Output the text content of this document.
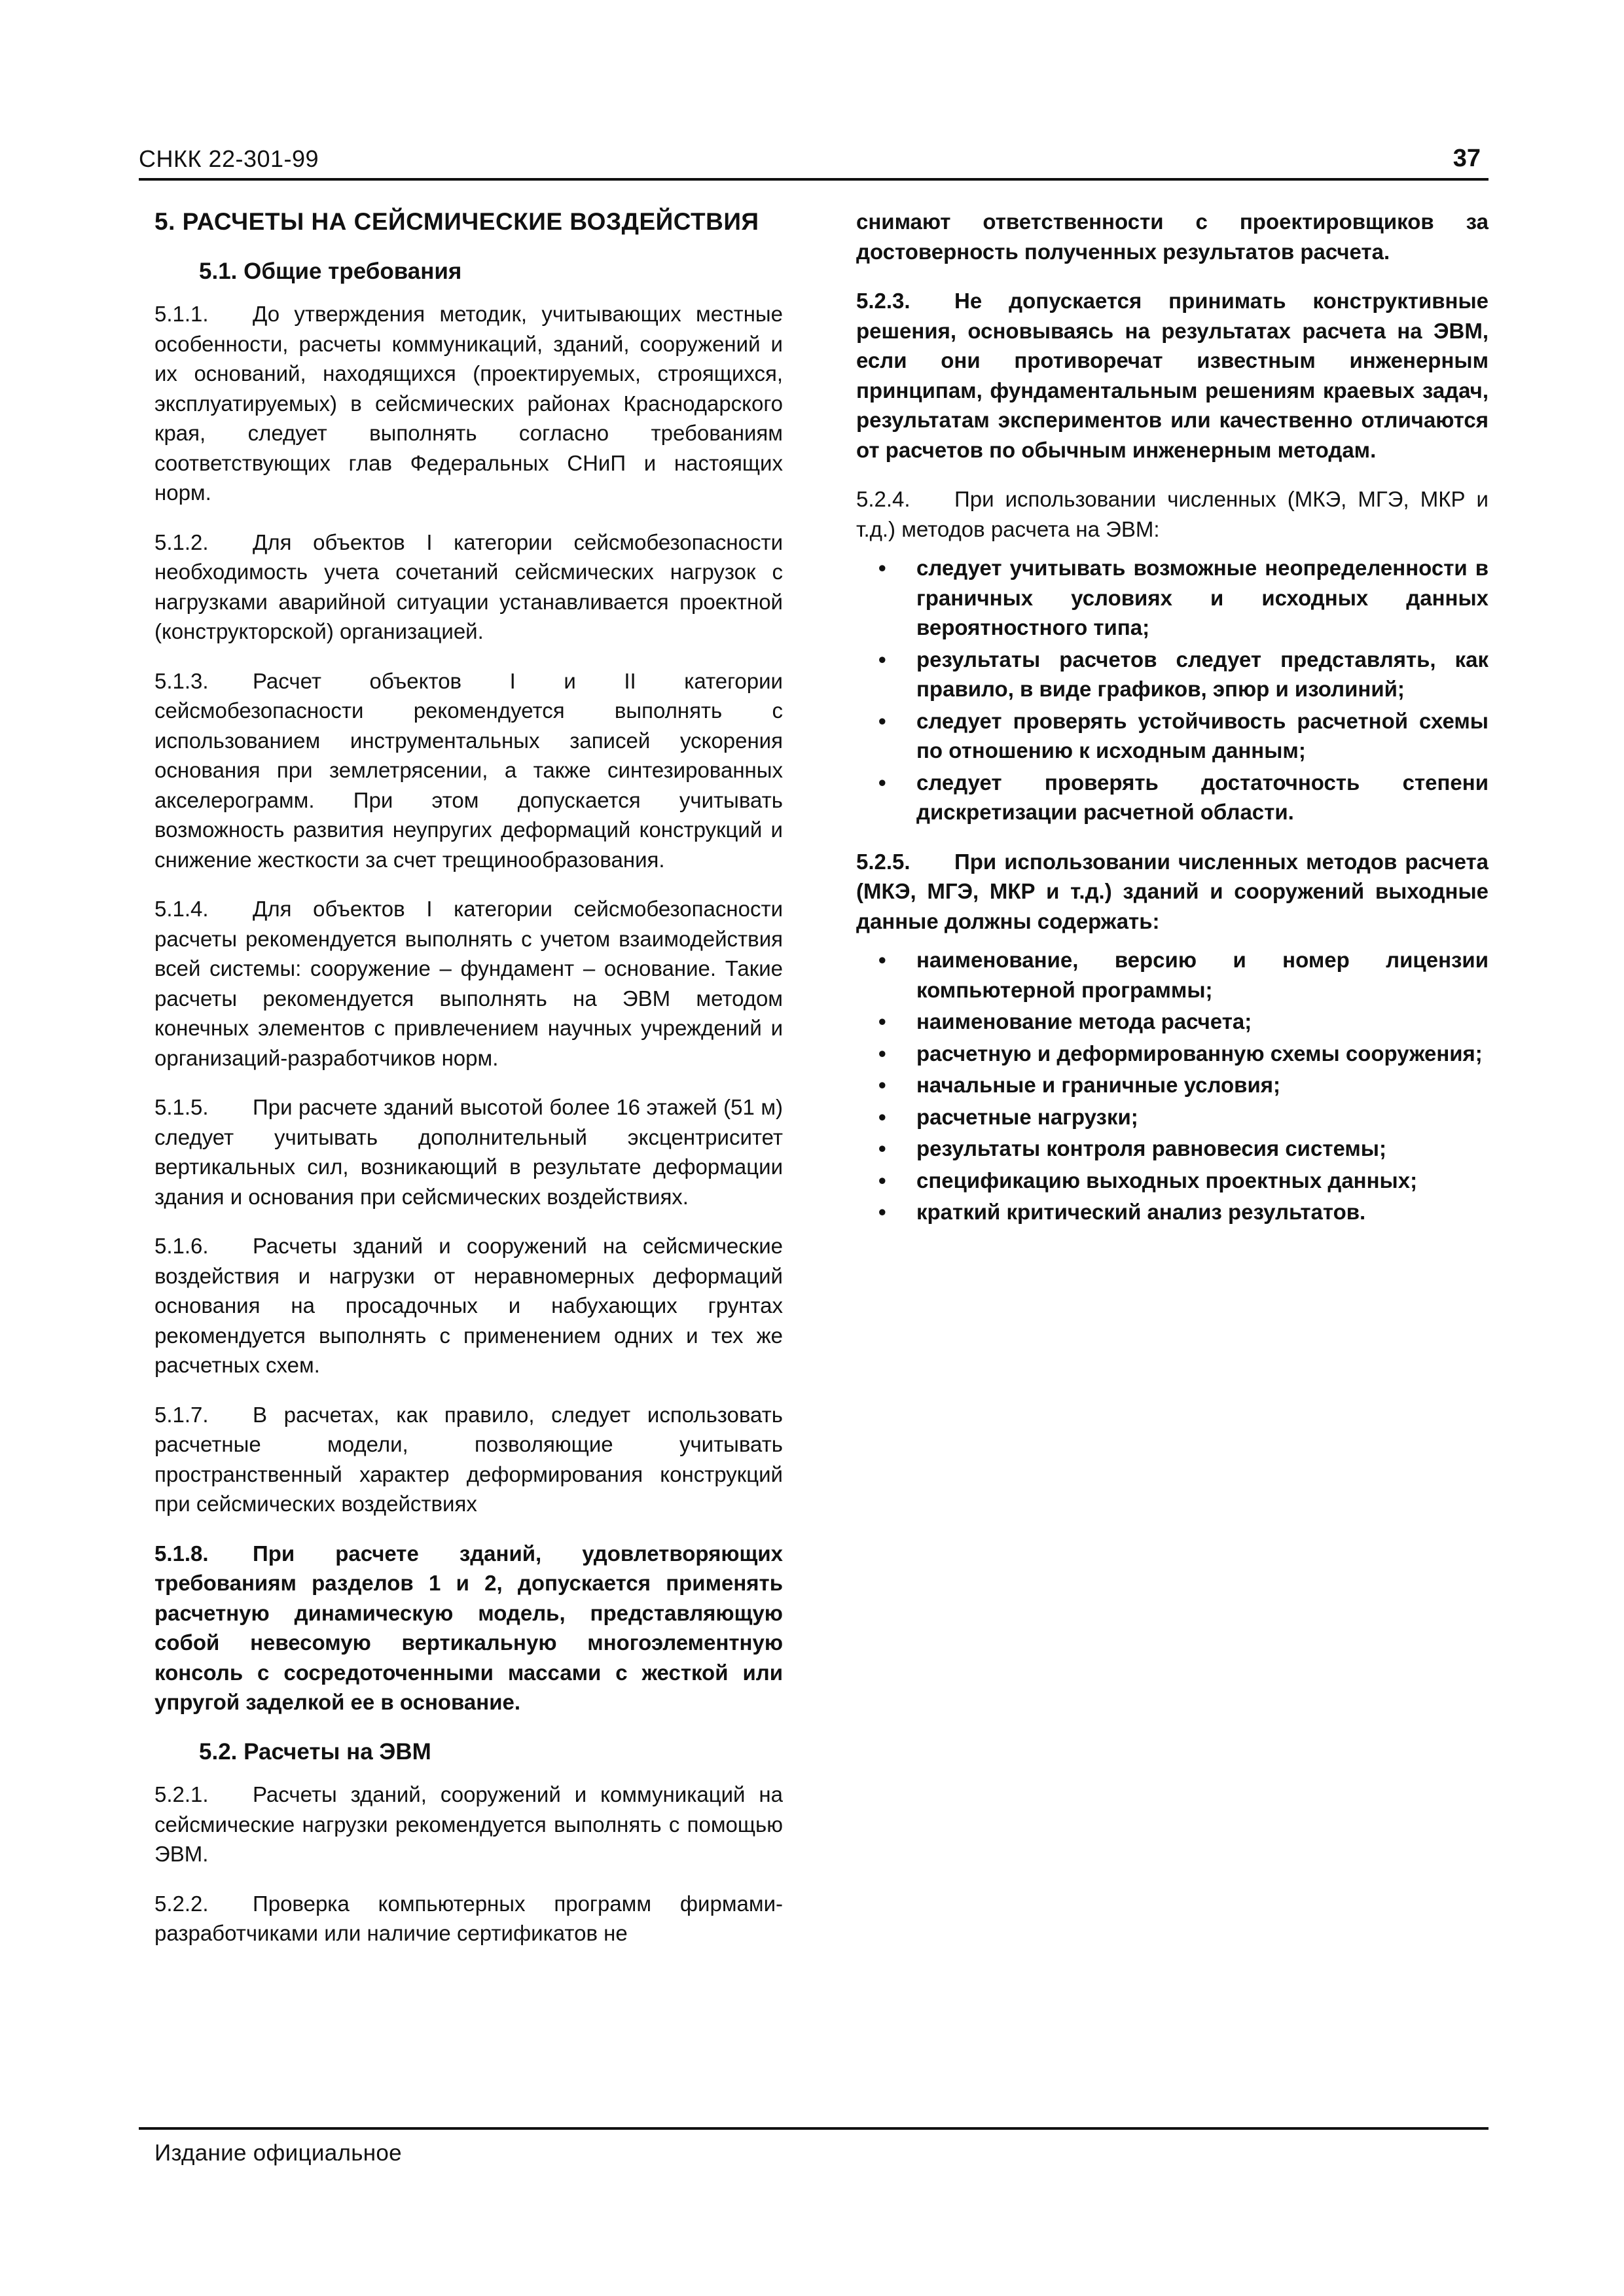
СНКК 22-301-99	37
5. РАСЧЕТЫ НА СЕЙСМИЧЕСКИЕ ВОЗДЕЙСТВИЯ
5.1. Общие требования
5.1.1. До утверждения методик, учитывающих местные особенности, расчеты коммуникаций, зданий, сооружений и их оснований, находящихся (проектируемых, строящихся, эксплуатируемых) в сейсмических районах Краснодарского края, следует выполнять согласно требованиям соответствующих глав Федеральных СНиП и настоящих норм.
5.1.2. Для объектов I категории сейсмобезопасности необходимость учета сочетаний сейсмических нагрузок с нагрузками аварийной ситуации устанавливается проектной (конструкторской) организацией.
5.1.3. Расчет объектов I и II категории сейсмобезопасности рекомендуется выполнять с использованием инструментальных записей ускорения основания при землетрясении, а также синтезированных акселерограмм. При этом допускается учитывать возможность развития неупругих деформаций конструкций и снижение жесткости за счет трещинообразования.
5.1.4. Для объектов I категории сейсмобезопасности расчеты рекомендуется выполнять с учетом взаимодействия всей системы: сооружение – фундамент – основание. Такие расчеты рекомендуется выполнять на ЭВМ методом конечных элементов с привлечением научных учреждений и организаций-разработчиков норм.
5.1.5. При расчете зданий высотой более 16 этажей (51 м) следует учитывать дополнительный эксцентриситет вертикальных сил, возникающий в результате деформации здания и основания при сейсмических воздействиях.
5.1.6. Расчеты зданий и сооружений на сейсмические воздействия и нагрузки от неравномерных деформаций основания на просадочных и набухающих грунтах рекомендуется выполнять с применением одних и тех же расчетных схем.
5.1.7. В расчетах, как правило, следует использовать расчетные модели, позволяющие учитывать пространственный характер деформирования конструкций при сейсмических воздействиях
5.1.8. При расчете зданий, удовлетворяющих требованиям разделов 1 и 2, допускается применять расчетную динамическую модель, представляющую собой невесомую вертикальную многоэлементную консоль с сосредоточенными массами с жесткой или упругой заделкой ее в основание.
5.2. Расчеты на ЭВМ
5.2.1. Расчеты зданий, сооружений и коммуникаций на сейсмические нагрузки рекомендуется выполнять с помощью ЭВМ.
5.2.2. Проверка компьютерных программ фирмами-разработчиками или наличие сертификатов не
снимают ответственности с проектировщиков за достоверность полученных результатов расчета.
5.2.3. Не допускается принимать конструктивные решения, основываясь на результатах расчета на ЭВМ, если они противоречат известным инженерным принципам, фундаментальным решениям краевых задач, результатам экспериментов или качественно отличаются от расчетов по обычным инженерным методам.
5.2.4. При использовании численных (МКЭ, МГЭ, МКР и т.д.) методов расчета на ЭВМ:
• следует учитывать возможные неопределенности в граничных условиях и исходных данных вероятностного типа;
• результаты расчетов следует представлять, как правило, в виде графиков, эпюр и изолиний;
• следует проверять устойчивость расчетной схемы по отношению к исходным данным;
• следует проверять достаточность степени дискретизации расчетной области.
5.2.5. При использовании численных методов расчета (МКЭ, МГЭ, МКР и т.д.) зданий и сооружений выходные данные должны содержать:
• наименование, версию и номер лицензии компьютерной программы;
• наименование метода расчета;
• расчетную и деформированную схемы сооружения;
• начальные и граничные условия;
• расчетные нагрузки;
• результаты контроля равновесия системы;
• спецификацию выходных проектных данных;
• краткий критический анализ результатов.
Издание официальное
